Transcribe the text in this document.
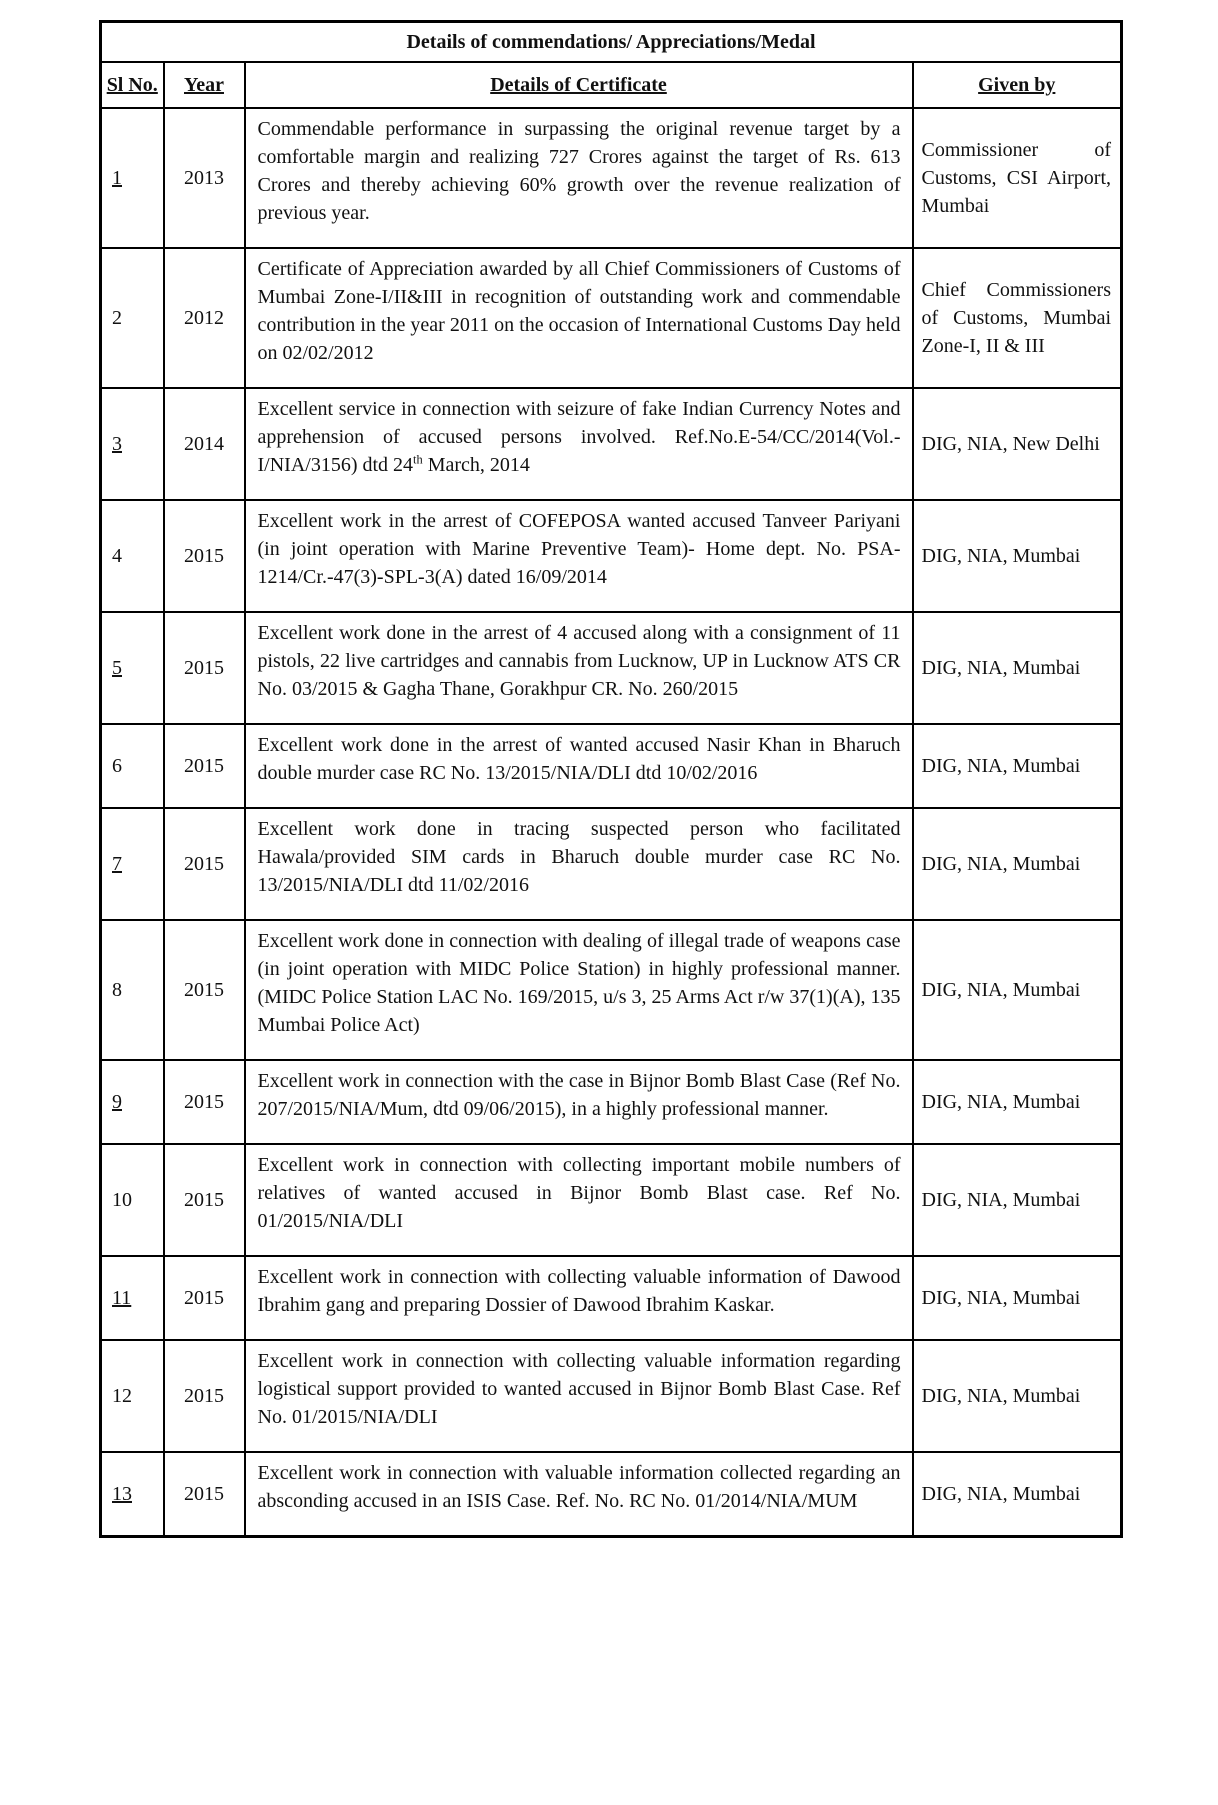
Details of commendations/ Appreciations/Medal			
Sl No.	Year	Details of Certificate	Given by
1	2013	Commendable performance in surpassing the original revenue target by a comfortable margin and realizing 727 Crores against the target of Rs. 613 Crores and thereby achieving 60% growth over the revenue realization of previous year.	Commissioner of Customs, CSI Airport, Mumbai
2	2012	Certificate of Appreciation awarded by all Chief Commissioners of Customs of Mumbai Zone-I/II&III in recognition of outstanding work and commendable contribution in the year 2011 on the occasion of International Customs Day held on 02/02/2012	Chief Commissioners of Customs, Mumbai Zone-I, II & III
3	2014	Excellent service in connection with seizure of fake Indian Currency Notes and apprehension of accused persons involved. Ref.No.E-54/CC/2014(Vol.-I/NIA/3156) dtd 24th March, 2014	DIG, NIA, New Delhi
4	2015	Excellent work in the arrest of COFEPOSA wanted accused Tanveer Pariyani (in joint operation with Marine Preventive Team)- Home dept. No. PSA-1214/Cr.-47(3)-SPL-3(A) dated 16/09/2014	DIG, NIA, Mumbai
5	2015	Excellent work done in the arrest of 4 accused along with a consignment of 11 pistols, 22 live cartridges and cannabis from Lucknow, UP in Lucknow ATS CR No. 03/2015 & Gagha Thane, Gorakhpur CR. No. 260/2015	DIG, NIA, Mumbai
6	2015	Excellent work done in the arrest of wanted accused Nasir Khan in Bharuch double murder case RC No. 13/2015/NIA/DLI dtd 10/02/2016	DIG, NIA, Mumbai
7	2015	Excellent work done in tracing suspected person who facilitated Hawala/provided SIM cards in Bharuch double murder case RC No. 13/2015/NIA/DLI dtd 11/02/2016	DIG, NIA, Mumbai
8	2015	Excellent work done in connection with dealing of illegal trade of weapons case (in joint operation with MIDC Police Station) in highly professional manner. (MIDC Police Station LAC No. 169/2015, u/s 3, 25 Arms Act r/w 37(1)(A), 135 Mumbai Police Act)	DIG, NIA, Mumbai
9	2015	Excellent work in connection with the case in Bijnor Bomb Blast Case (Ref No. 207/2015/NIA/Mum, dtd 09/06/2015), in a highly professional manner.	DIG, NIA, Mumbai
10	2015	Excellent work in connection with collecting important mobile numbers of relatives of wanted accused in Bijnor Bomb Blast case. Ref No. 01/2015/NIA/DLI	DIG, NIA, Mumbai
11	2015	Excellent work in connection with collecting valuable information of Dawood Ibrahim gang and preparing Dossier of Dawood Ibrahim Kaskar.	DIG, NIA, Mumbai
12	2015	Excellent work in connection with collecting valuable information regarding logistical support provided to wanted accused in Bijnor Bomb Blast Case. Ref No. 01/2015/NIA/DLI	DIG, NIA, Mumbai
13	2015	Excellent work in connection with valuable information collected regarding an absconding accused in an ISIS Case. Ref. No. RC No. 01/2014/NIA/MUM	DIG, NIA, Mumbai
